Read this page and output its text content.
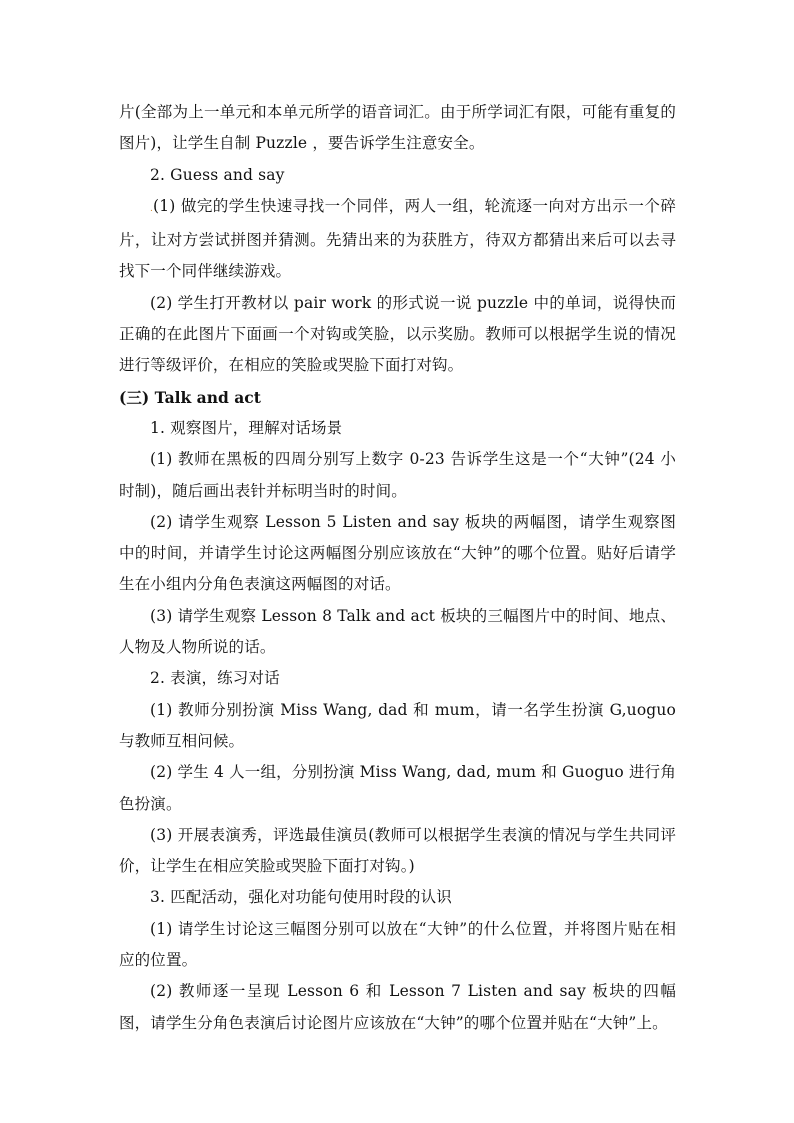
片(全部为上一单元和本单元所学的语音词汇。由于所学词汇有限，可能有重复的图片)，让学生自制 Puzzle ，要告诉学生注意安全。

2. Guess and say

.(1) 做完的学生快速寻找一个同伴，两人一组，轮流逐一向对方出示一个碎片，让对方尝试拼图并猜测。先猜出来的为获胜方，待双方都猜出来后可以去寻找下一个同伴继续游戏。

(2) 学生打开教材以 pair work 的形式说一说 puzzle 中的单词，说得快而正确的在此图片下面画一个对钩或笑脸，以示奖励。教师可以根据学生说的情况进行等级评价，在相应的笑脸或哭脸下面打对钩。

(三) Talk and act

1. 观察图片，理解对话场景

(1) 教师在黑板的四周分别写上数字 0-23 告诉学生这是一个“大钟”(24 小时制)，随后画出表针并标明当时的时间。

(2) 请学生观察 Lesson 5 Listen and say 板块的两幅图，请学生观察图中的时间，并请学生讨论这两幅图分别应该放在“大钟”的哪个位置。贴好后请学生在小组内分角色表演这两幅图的对话。

(3) 请学生观察 Lesson 8 Talk and act 板块的三幅图片中的时间、地点、人物及人物所说的话。

2. 表演，练习对话

(1) 教师分别扮演 Miss Wang, dad 和 mum，请一名学生扮演 G,uoguo 与教师互相问候。

(2) 学生 4 人一组，分别扮演 Miss Wang, dad, mum 和 Guoguo 进行角色扮演。

(3) 开展表演秀，评选最佳演员(教师可以根据学生表演的情况与学生共同评价，让学生在相应笑脸或哭脸下面打对钩。)

3. 匹配活动，强化对功能句使用时段的认识

(1) 请学生讨论这三幅图分别可以放在“大钟”的什么位置，并将图片贴在相应的位置。

(2) 教师逐一呈现 Lesson 6 和 Lesson 7 Listen and say 板块的四幅图，请学生分角色表演后讨论图片应该放在“大钟”的哪个位置并贴在“大钟”上。
